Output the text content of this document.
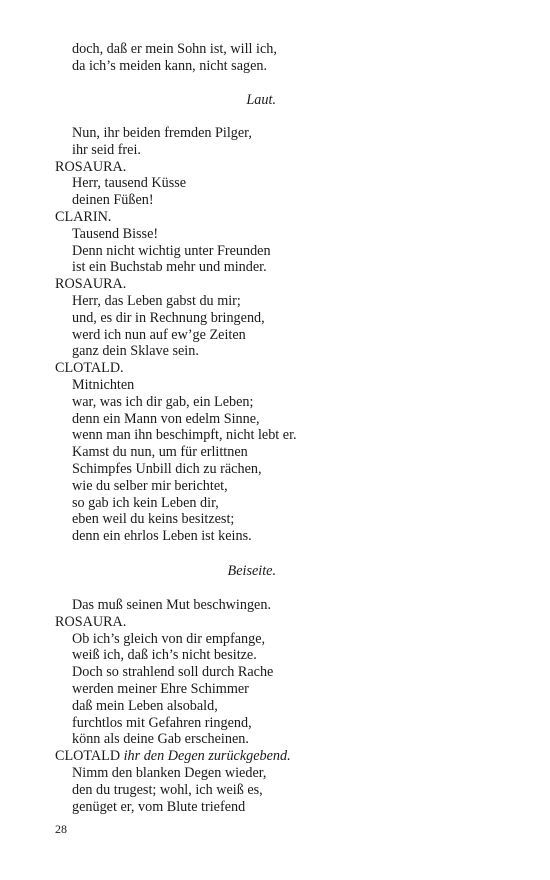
doch, daß er mein Sohn ist, will ich,
da ich’s meiden kann, nicht sagen.
Laut.
Nun, ihr beiden fremden Pilger,
ihr seid frei.
ROSAURA.
Herr, tausend Küsse
deinen Füßen!
CLARIN.
Tausend Bisse!
Denn nicht wichtig unter Freunden
ist ein Buchstab mehr und minder.
ROSAURA.
Herr, das Leben gabst du mir;
und, es dir in Rechnung bringend,
werd ich nun auf ew’ge Zeiten
ganz dein Sklave sein.
CLOTALD.
Mitnichten
war, was ich dir gab, ein Leben;
denn ein Mann von edelm Sinne,
wenn man ihn beschimpft, nicht lebt er.
Kamst du nun, um für erlittnen
Schimpfes Unbill dich zu rächen,
wie du selber mir berichtet,
so gab ich kein Leben dir,
eben weil du keins besitzest;
denn ein ehrlos Leben ist keins.
Beiseite.
Das muß seinen Mut beschwingen.
ROSAURA.
Ob ich’s gleich von dir empfange,
weiß ich, daß ich’s nicht besitze.
Doch so strahlend soll durch Rache
werden meiner Ehre Schimmer
daß mein Leben alsobald,
furchtlos mit Gefahren ringend,
könn als deine Gab erscheinen.
CLOTALD ihr den Degen zurückgebend.
Nimm den blanken Degen wieder,
den du trugest; wohl, ich weiß es,
genüget er, vom Blute triefend
28
